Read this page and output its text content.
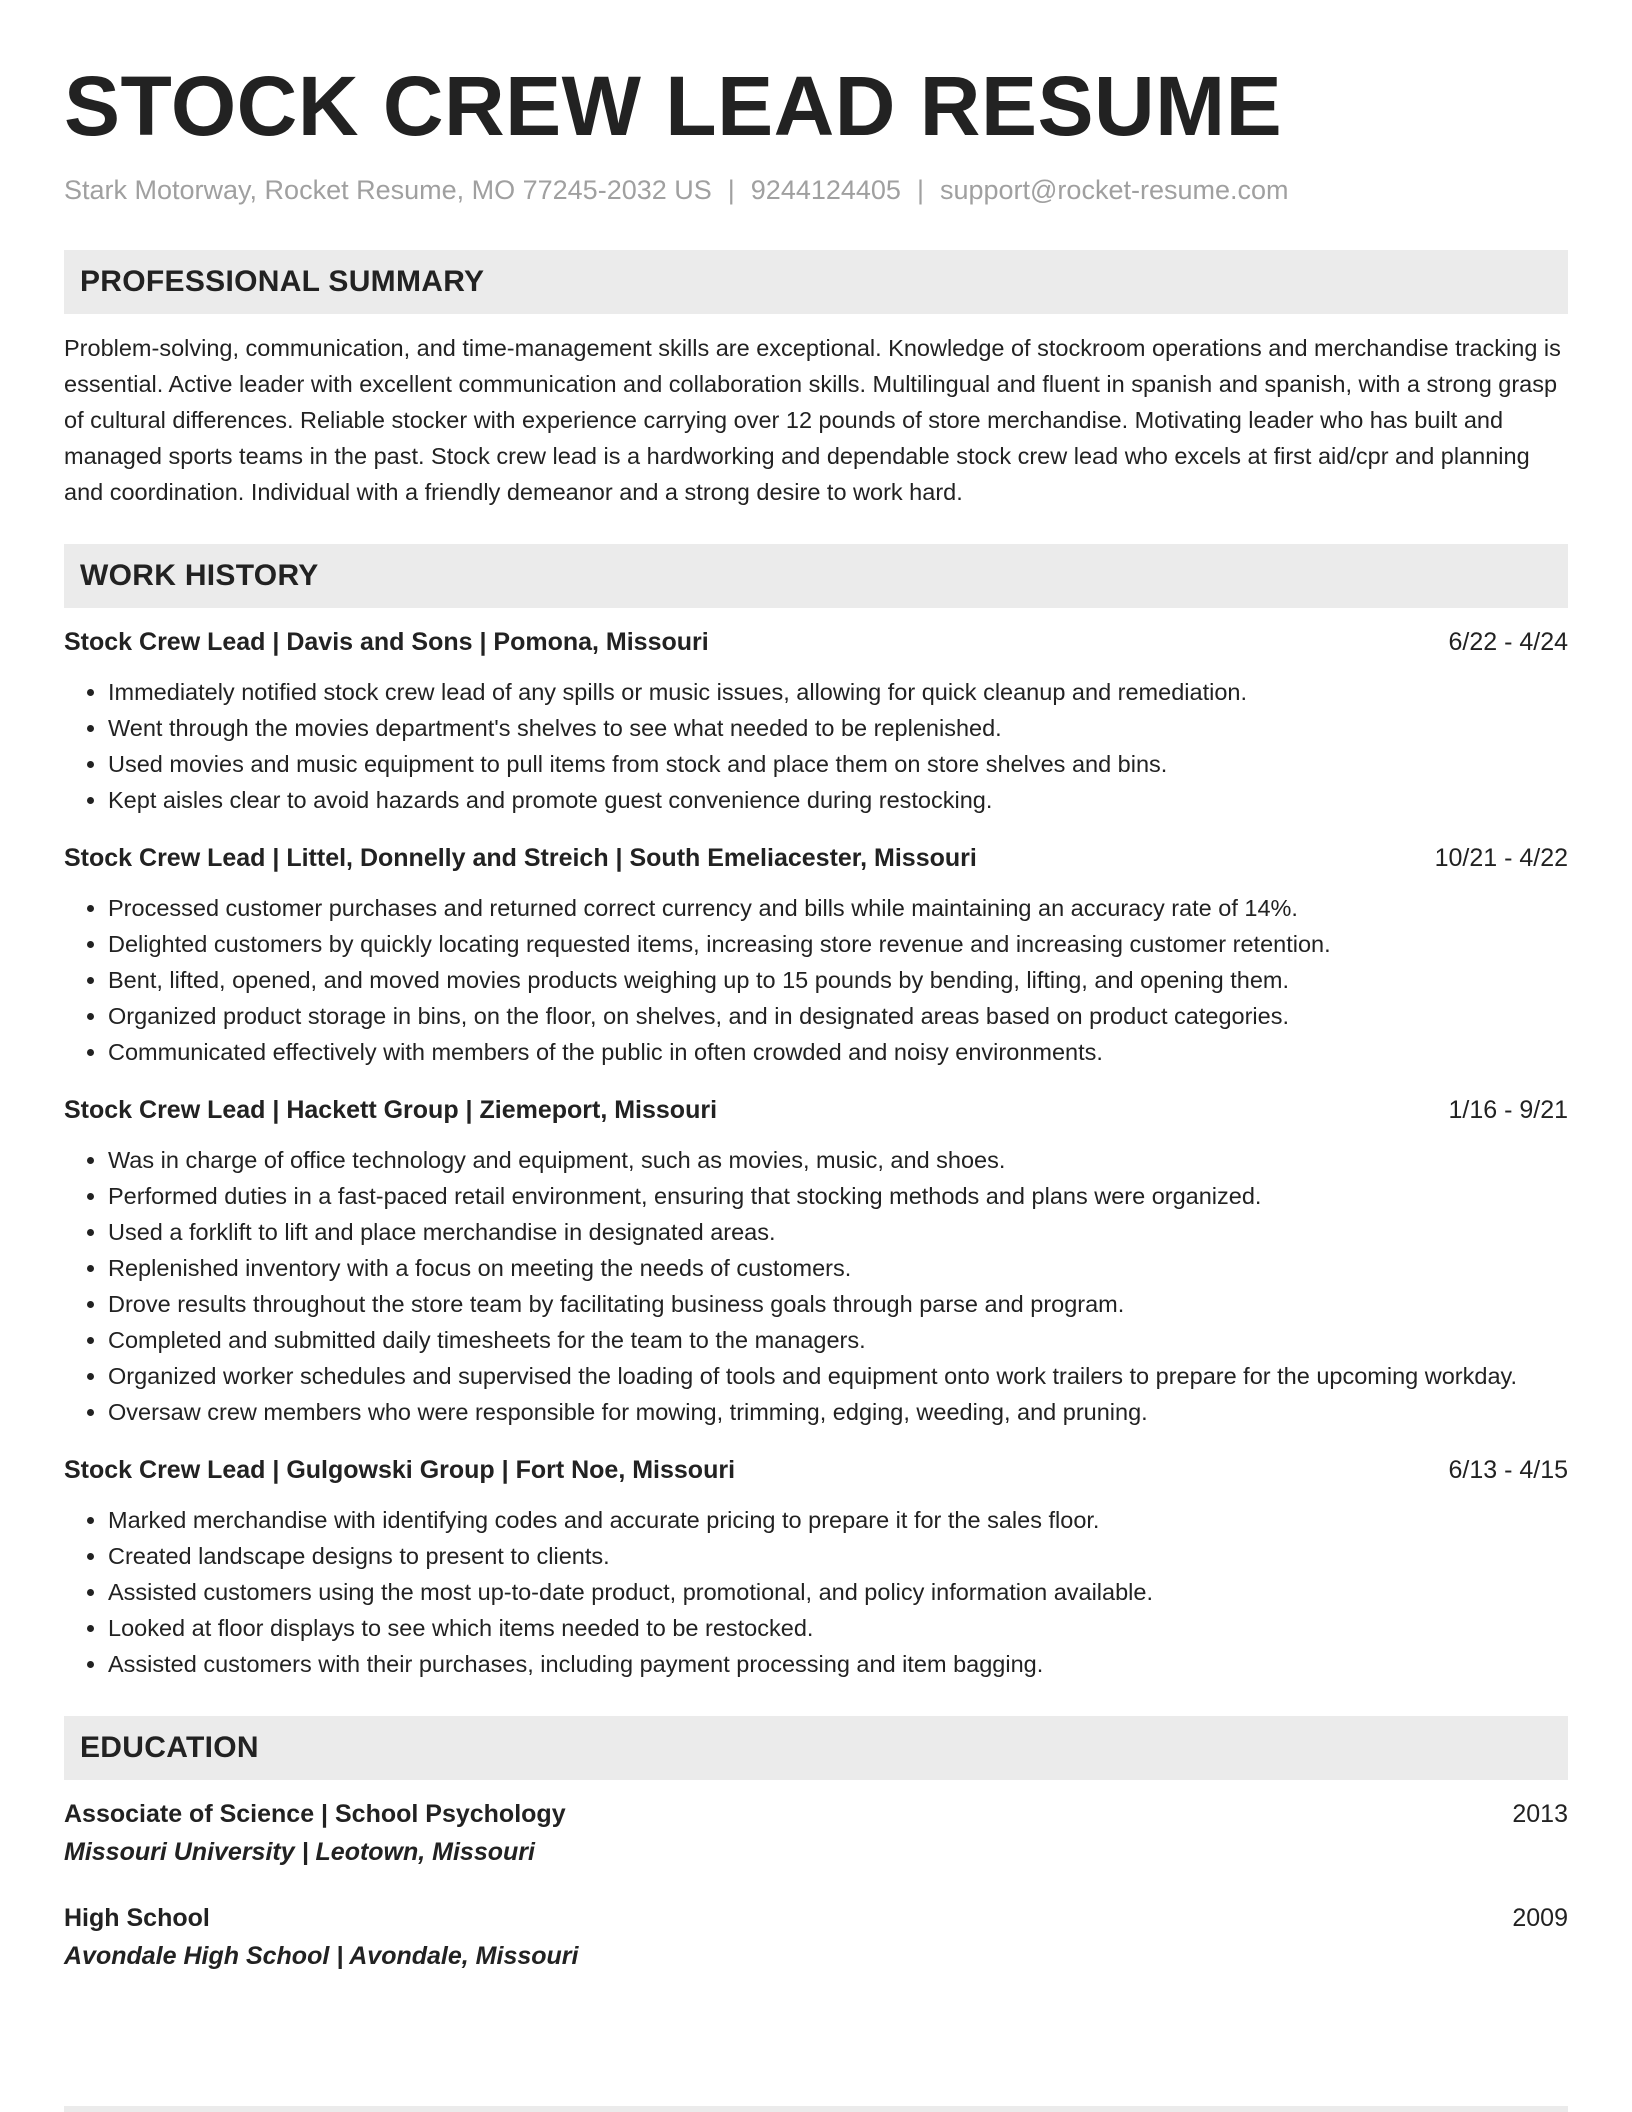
STOCK CREW LEAD RESUME
Stark Motorway, Rocket Resume, MO 77245-2032 US | 9244124405 | support@rocket-resume.com
PROFESSIONAL SUMMARY

Problem-solving, communication, and time-management skills are exceptional. Knowledge of stockroom operations and merchandise tracking is essential. Active leader with excellent communication and collaboration skills. Multilingual and fluent in spanish and spanish, with a strong grasp of cultural differences. Reliable stocker with experience carrying over 12 pounds of store merchandise. Motivating leader who has built and managed sports teams in the past. Stock crew lead is a hardworking and dependable stock crew lead who excels at first aid/cpr and planning and coordination. Individual with a friendly demeanor and a strong desire to work hard.

WORK HISTORY
Stock Crew Lead | Davis and Sons | Pomona, Missouri	6/22 - 4/24
• Immediately notified stock crew lead of any spills or music issues, allowing for quick cleanup and remediation.
• Went through the movies department's shelves to see what needed to be replenished.
• Used movies and music equipment to pull items from stock and place them on store shelves and bins.
• Kept aisles clear to avoid hazards and promote guest convenience during restocking.
Stock Crew Lead | Littel, Donnelly and Streich | South Emeliacester, Missouri	10/21 - 4/22
• Processed customer purchases and returned correct currency and bills while maintaining an accuracy rate of 14%.
• Delighted customers by quickly locating requested items, increasing store revenue and increasing customer retention.
• Bent, lifted, opened, and moved movies products weighing up to 15 pounds by bending, lifting, and opening them.
• Organized product storage in bins, on the floor, on shelves, and in designated areas based on product categories.
• Communicated effectively with members of the public in often crowded and noisy environments.
Stock Crew Lead | Hackett Group | Ziemeport, Missouri	1/16 - 9/21
• Was in charge of office technology and equipment, such as movies, music, and shoes.
• Performed duties in a fast-paced retail environment, ensuring that stocking methods and plans were organized.
• Used a forklift to lift and place merchandise in designated areas.
• Replenished inventory with a focus on meeting the needs of customers.
• Drove results throughout the store team by facilitating business goals through parse and program.
• Completed and submitted daily timesheets for the team to the managers.
• Organized worker schedules and supervised the loading of tools and equipment onto work trailers to prepare for the upcoming workday.
• Oversaw crew members who were responsible for mowing, trimming, edging, weeding, and pruning.
Stock Crew Lead | Gulgowski Group | Fort Noe, Missouri	6/13 - 4/15
• Marked merchandise with identifying codes and accurate pricing to prepare it for the sales floor.
• Created landscape designs to present to clients.
• Assisted customers using the most up-to-date product, promotional, and policy information available.
• Looked at floor displays to see which items needed to be restocked.
• Assisted customers with their purchases, including payment processing and item bagging.
EDUCATION
Associate of Science | School Psychology	2013
Missouri University | Leotown, Missouri
High School	2009
Avondale High School | Avondale, Missouri
